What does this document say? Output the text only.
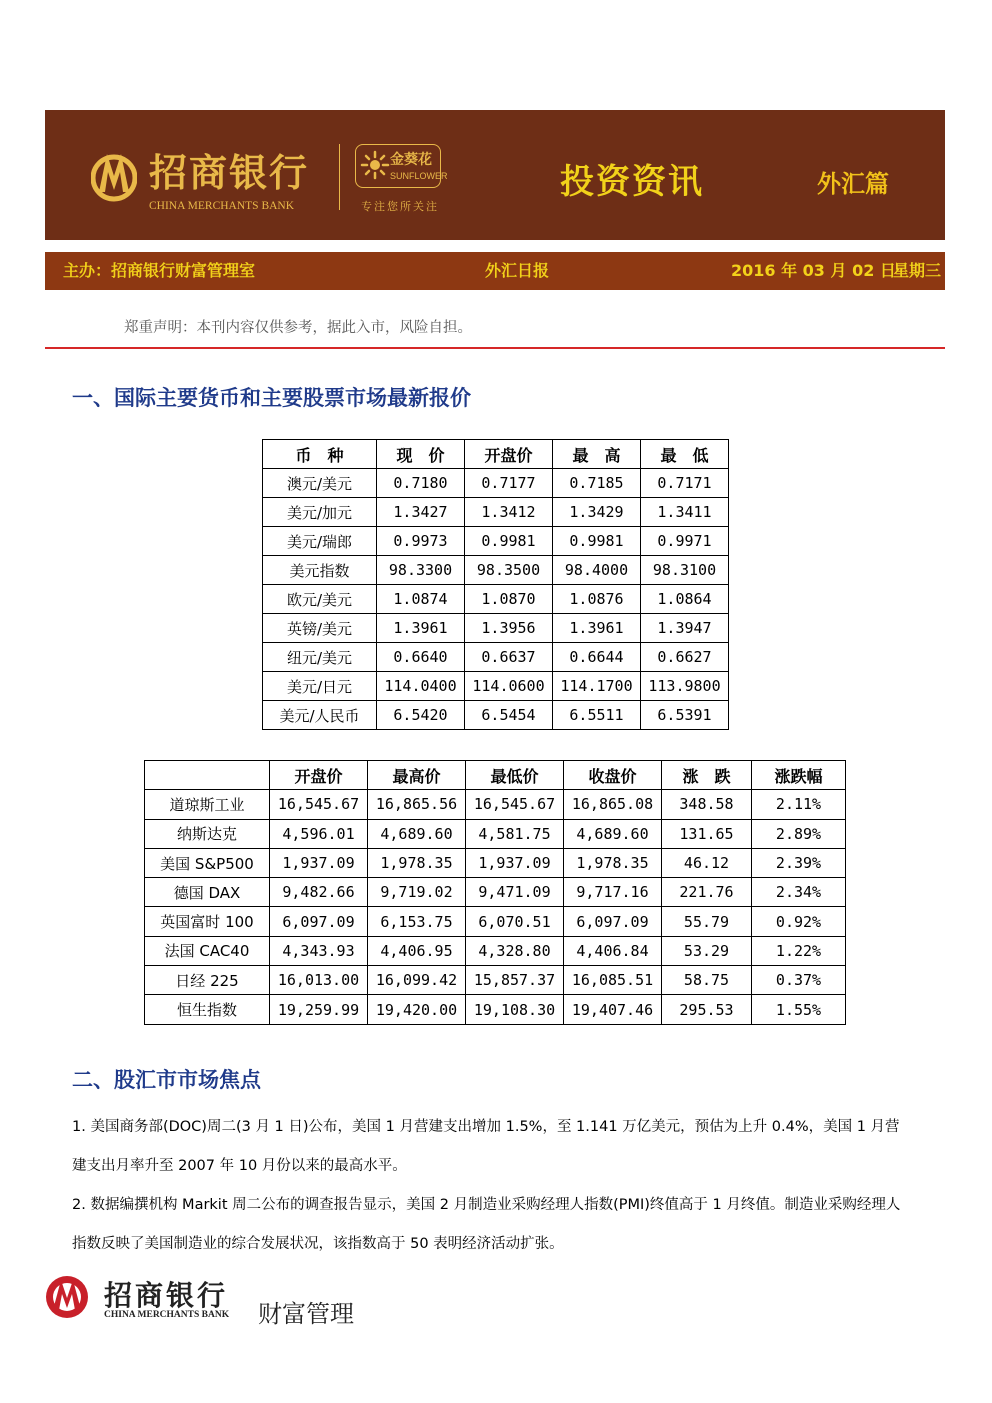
招商银行
CHINA MERCHANTS BANK
金葵花
SUNFLOWER
专注您所关注
投资资讯	外汇篇
主办：招商银行财富管理室	外汇日报	2016 年 03 月 02 日
星期三
郑重声明：本刊内容仅供参考，据此入市，风险自担。
一、国际主要货币和主要股票市场最新报价
币　种	现　价	开盘价	最　高	最　低
澳元/美元	0.7180	0.7177	0.7185	0.7171
美元/加元	1.3427	1.3412	1.3429	1.3411
美元/瑞郎	0.9973	0.9981	0.9981	0.9971
美元指数	98.3300	98.3500	98.4000	98.3100
欧元/美元	1.0874	1.0870	1.0876	1.0864
英镑/美元	1.3961	1.3956	1.3961	1.3947
纽元/美元	0.6640	0.6637	0.6644	0.6627
美元/日元	114.0400	114.0600	114.1700	113.9800
美元/人民币	6.5420	6.5454	6.5511	6.5391
	开盘价	最高价	最低价	收盘价	涨　跌	涨跌幅
道琼斯工业	16,545.67	16,865.56	16,545.67	16,865.08	348.58	2.11%
纳斯达克	4,596.01	4,689.60	4,581.75	4,689.60	131.65	2.89%
美国 S&P500	1,937.09	1,978.35	1,937.09	1,978.35	46.12	2.39%
德国 DAX	9,482.66	9,719.02	9,471.09	9,717.16	221.76	2.34%
英国富时 100	6,097.09	6,153.75	6,070.51	6,097.09	55.79	0.92%
法国 CAC40	4,343.93	4,406.95	4,328.80	4,406.84	53.29	1.22%
日经 225	16,013.00	16,099.42	15,857.37	16,085.51	58.75	0.37%
恒生指数	19,259.99	19,420.00	19,108.30	19,407.46	295.53	1.55%
二、股汇市市场焦点

1. 美国商务部(DOC)周二(3 月 1 日)公布，美国 1 月营建支出增加 1.5%，至 1.141 万亿美元，预估为上升 0.4%，美国 1 月营建支出月率升至 2007 年 10 月份以来的最高水平。

2. 数据编撰机构 Markit 周二公布的调查报告显示，美国 2 月制造业采购经理人指数(PMI)终值高于 1 月终值。制造业采购经理人指数反映了美国制造业的综合发展状况，该指数高于 50 表明经济活动扩张。

招商银行
CHINA MERCHANTS BANK 财富管理
